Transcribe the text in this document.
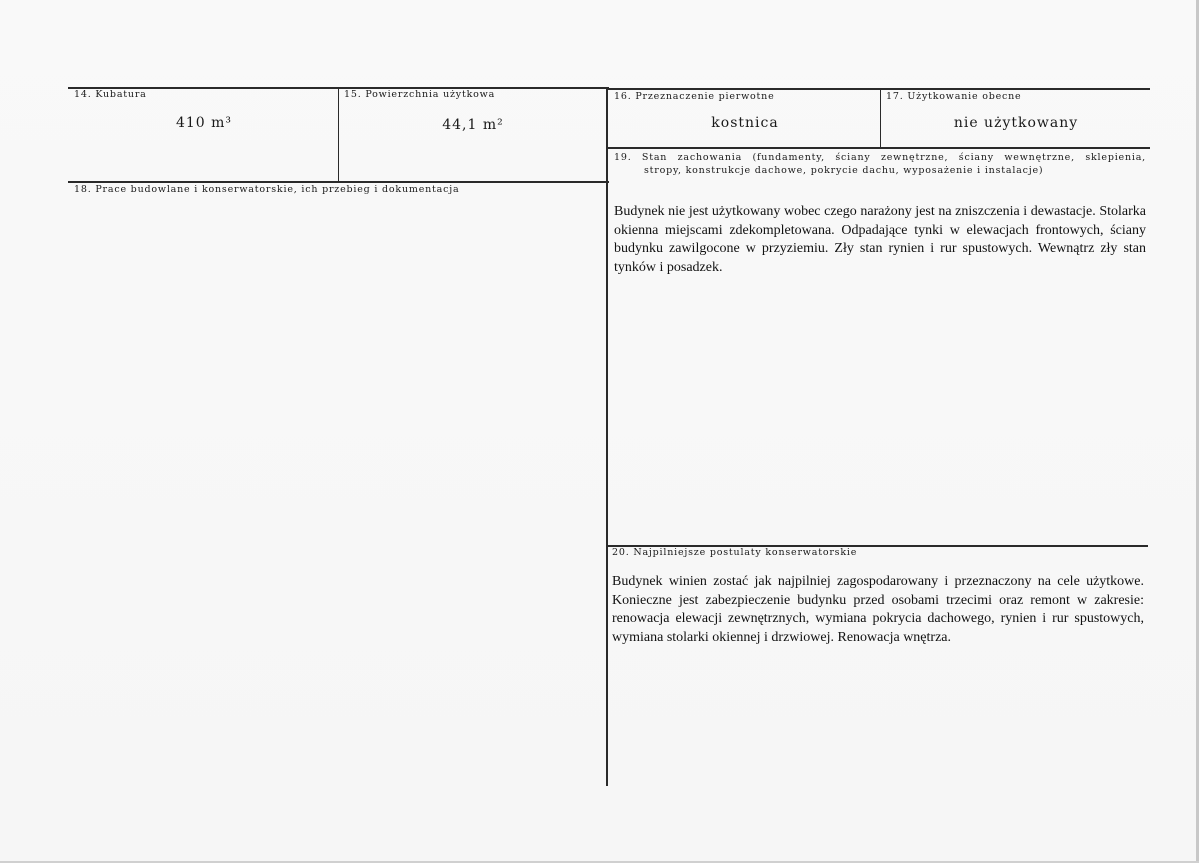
14. Kubatura
410 m³
15. Powierzchnia użytkowa
44,1 m²
16. Przeznaczenie pierwotne
kostnica
17. Użytkowanie obecne
nie użytkowany
18. Prace budowlane i konserwatorskie, ich przebieg i dokumentacja
19. Stan zachowania (fundamenty, ściany zewnętrzne, ściany wewnętrzne, sklepienia,
stropy, konstrukcje dachowe, pokrycie dachu, wyposażenie i instalacje)
Budynek nie jest użytkowany wobec czego narażony jest na zniszczenia i dewastacje. Stolarka okienna miejscami zdekompletowana. Odpadające tynki w elewacjach frontowych, ściany budynku zawilgocone w przyziemiu. Zły stan rynien i rur spustowych. Wewnątrz zły stan tynków i posadzek.
20. Najpilniejsze postulaty konserwatorskie
Budynek winien zostać jak najpilniej zagospodarowany i przeznaczony na cele użytkowe. Konieczne jest zabezpieczenie budynku przed osobami trzecimi oraz remont w zakresie: renowacja elewacji zewnętrznych, wymiana pokrycia dachowego, rynien i rur spustowych, wymiana stolarki okiennej i drzwiowej. Renowacja wnętrza.
